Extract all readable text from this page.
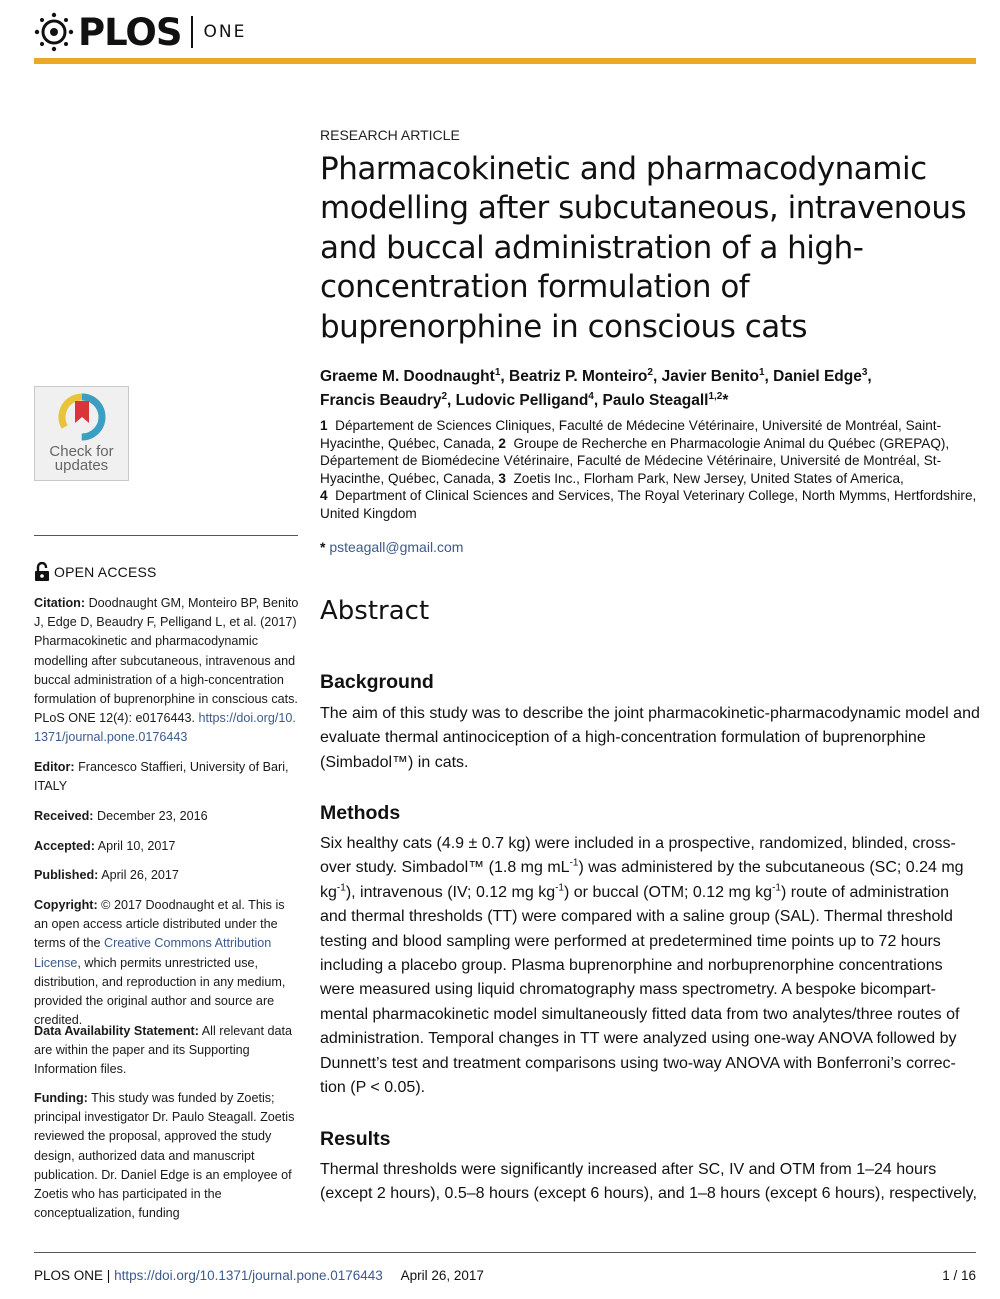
PLOS ONE
Check for
updates
OPEN ACCESS
Citation: Doodnaught GM, Monteiro BP, Benito J, Edge D, Beaudry F, Pelligand L, et al. (2017) Pharmacokinetic and pharmacodynamic modelling after subcutaneous, intravenous and buccal administration of a high-concentration formulation of buprenorphine in conscious cats. PLoS ONE 12(4): e0176443. https://doi.org/10.1371/journal.pone.0176443
Editor: Francesco Staffieri, University of Bari, ITALY
Received: December 23, 2016
Accepted: April 10, 2017
Published: April 26, 2017
Copyright: © 2017 Doodnaught et al. This is an open access article distributed under the terms of the Creative Commons Attribution License, which permits unrestricted use, distribution, and reproduction in any medium, provided the original author and source are credited.
Data Availability Statement: All relevant data are within the paper and its Supporting Information files.
Funding: This study was funded by Zoetis; principal investigator Dr. Paulo Steagall. Zoetis reviewed the proposal, approved the study design, authorized data and manuscript publication. Dr. Daniel Edge is an employee of Zoetis who has participated in the conceptualization, funding
RESEARCH ARTICLE
Pharmacokinetic and pharmacodynamic modelling after subcutaneous, intravenous and buccal administration of a high-concentration formulation of buprenorphine in conscious cats
Graeme M. Doodnaught$^1$, Beatriz P. Monteiro$^2$, Javier Benito$^1$, Daniel Edge$^3$,
Francis Beaudry$^2$, Ludovic Pelligand$^4$, Paulo Steagall$^{1,2}$*
1 Département de Sciences Cliniques, Faculté de Médecine Vétérinaire, Université de Montréal, Saint-Hyacinthe, Québec, Canada, 2 Groupe de Recherche en Pharmacologie Animal du Québec (GREPAQ), Département de Biomédecine Vétérinaire, Faculté de Médecine Vétérinaire, Université de Montréal, St-Hyacinthe, Québec, Canada, 3 Zoetis Inc., Florham Park, New Jersey, United States of America,
4 Department of Clinical Sciences and Services, The Royal Veterinary College, North Mymms, Hertfordshire, United Kingdom
* psteagall@gmail.com
Abstract
Background
The aim of this study was to describe the joint pharmacokinetic-pharmacodynamic model and evaluate thermal antinociception of a high-concentration formulation of buprenorphine (Simbadol™) in cats.
Methods
Six healthy cats (4.9 ± 0.7 kg) were included in a prospective, randomized, blinded, cross-over study. Simbadol™ (1.8 mg $mL^{-1}$) was administered by the subcutaneous (SC; 0.24 mg $kg^{-1}$), intravenous (IV; 0.12 mg $kg^{-1}$) or buccal (OTM; 0.12 mg $kg^{-1}$) route of administration and thermal thresholds (TT) were compared with a saline group (SAL). Thermal threshold testing and blood sampling were performed at predetermined time points up to 72 hours including a placebo group. Plasma buprenorphine and norbuprenorphine concentrations were measured using liquid chromatography mass spectrometry. A bespoke bicompart-mental pharmacokinetic model simultaneously fitted data from two analytes/three routes of administration. Temporal changes in TT were analyzed using one-way ANOVA followed by Dunnett’s test and treatment comparisons using two-way ANOVA with Bonferroni’s correc-tion (P < 0.05).
Results
Thermal thresholds were significantly increased after SC, IV and OTM from 1–24 hours (except 2 hours), 0.5–8 hours (except 6 hours), and 1–8 hours (except 6 hours), respectively,
PLOS ONE | https://doi.org/10.1371/journal.pone.0176443 April 26, 2017	1 / 16
